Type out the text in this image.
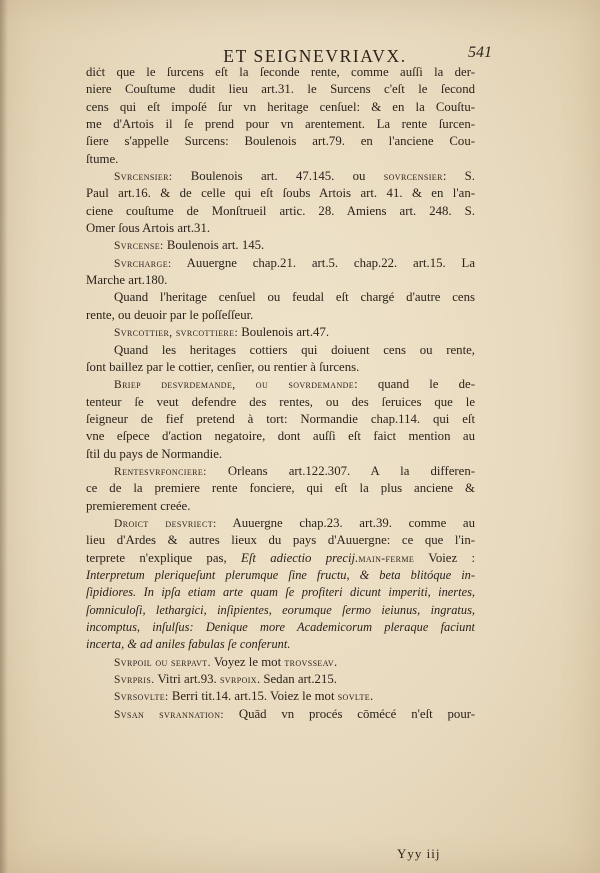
ET SEIGNEVRIAVX.	541
diċt que le ſurcens eſt la ſeconde rente, comme auſſi la der-
niere Couſtume dudit lieu art.31. le Surcens c'eſt le ſecond
cens qui eſt impoſé ſur vn heritage cenſuel: & en la Couſtu-
me d'Artois il ſe prend pour vn arentement. La rente ſurcen-
ſiere s'appelle Surcens: Boulenois art.79. en l'anciene Cou-
ſtume.
Svrcensier: Boulenois art. 47.145. ou sovrcensier: S.
Paul art.16. & de celle qui eſt ſoubs Artois art. 41. & en l'an-
ciene couſtume de Monſtrueil artic. 28. Amiens art. 248. S.
Omer ſous Artois art.31.
Svrcense: Boulenois art. 145.
Svrcharge: Auuergne chap.21. art.5. chap.22. art.15. La
Marche art.180.
Quand l'heritage cenſuel ou feudal eſt chargé d'autre cens
rente, ou deuoir par le poſſeſſeur.
Svrcottier, svrcottiere: Boulenois art.47.
Quand les heritages cottiers qui doiuent cens ou rente,
ſont baillez par le cottier, cenſier, ou rentier à ſurcens.
Briep desvrdemande, ou sovrdemande: quand le de-
tenteur ſe veut defendre des rentes, ou des ſeruices que le
ſeigneur de fief pretend à tort: Normandie chap.114. qui eſt
vne eſpece d'action negatoire, dont auſſi eſt faict mention au
ſtil du pays de Normandie.
Rentesvrfonciere: Orleans art.122.307. A la differen-
ce de la premiere rente fonciere, qui eſt la plus anciene &
premierement creée.
Droict desvriect: Auuergne chap.23. art.39. comme au
lieu d'Ardes & autres lieux du pays d'Auuergne: ce que l'in-
terprete n'explique pas, Eſt adiectio precij.main-ferme Voiez :
Interpretum pleriqueſunt plerumque ſine fructu, & beta blitóque in-
ſipidiores. In ipſa etiam arte quam ſe profiteri dicunt imperiti, inertes,
ſomniculoſi, lethargici, inſipientes, eorumque ſermo ieiunus, ingratus,
incomptus, inſulſus: Denique more Academicorum pleraque faciunt
incerta, & ad aniles fabulas ſe conferunt.
Svrpoil ou serpavt. Voyez le mot trovsseav.
Svrpris. Vitri art.93. svrpoix. Sedan art.215.
Svrsovlte: Berri tit.14. art.15. Voiez le mot sovlte.
Svsan svrannation: Quād vn procés cōmécé n'eſt pour-
Yyy iij
